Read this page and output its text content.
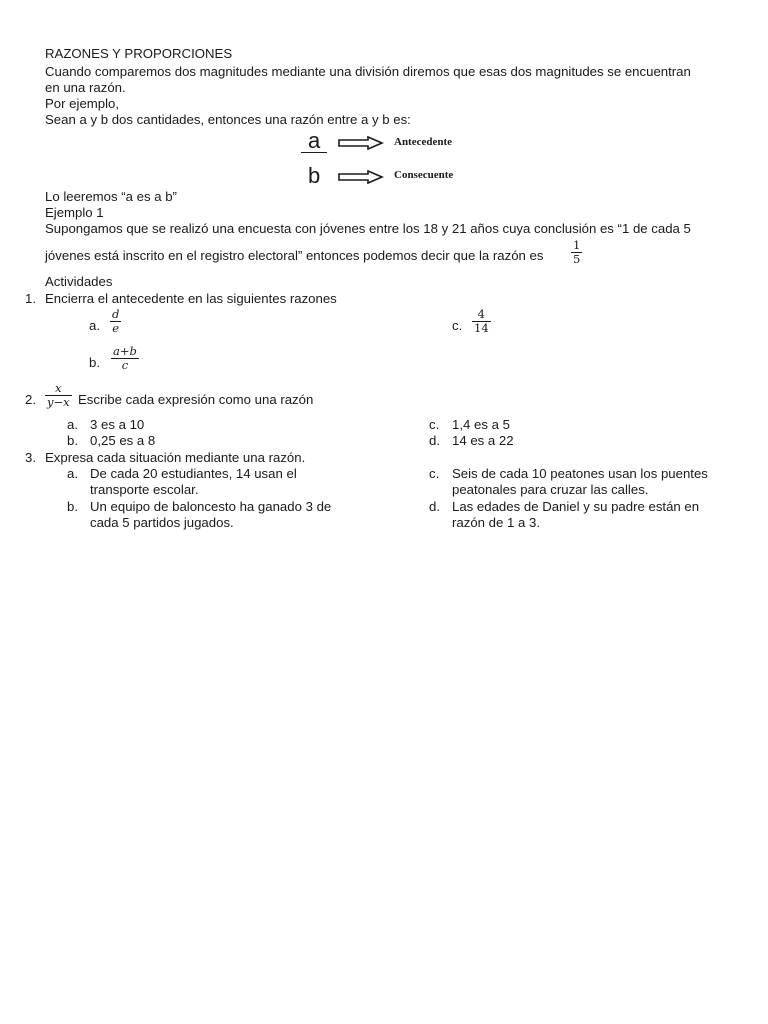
RAZONES Y PROPORCIONES
Cuando comparemos dos magnitudes mediante una división diremos que esas dos magnitudes se encuentran
en una razón.
Por ejemplo,
Sean a y b dos cantidades, entonces una razón entre a y b es:
a
b
Antecedente
Consecuente
Lo leeremos “a es a b”
Ejemplo 1
Supongamos que se realizó una encuesta con jóvenes entre los 18 y 21 años cuya conclusión es “1 de cada 5
jóvenes está inscrito en el registro electoral” entonces podemos decir que la razón es
1
5
Actividades
1. Encierra el antecedente en las siguientes razones
a.
d
e
b.
a+b
c
c.
4
14
2.
x
y−x Escribe cada expresión como una razón
a. 3 es a 10
b. 0,25 es a 8
c. 1,4 es a 5
d. 14 es a 22
3. Expresa cada situación mediante una razón.
a. De cada 20 estudiantes, 14 usan el
transporte escolar.
b. Un equipo de baloncesto ha ganado 3 de
cada 5 partidos jugados.
c. Seis de cada 10 peatones usan los puentes
peatonales para cruzar las calles.
d. Las edades de Daniel y su padre están en
razón de 1 a 3.
